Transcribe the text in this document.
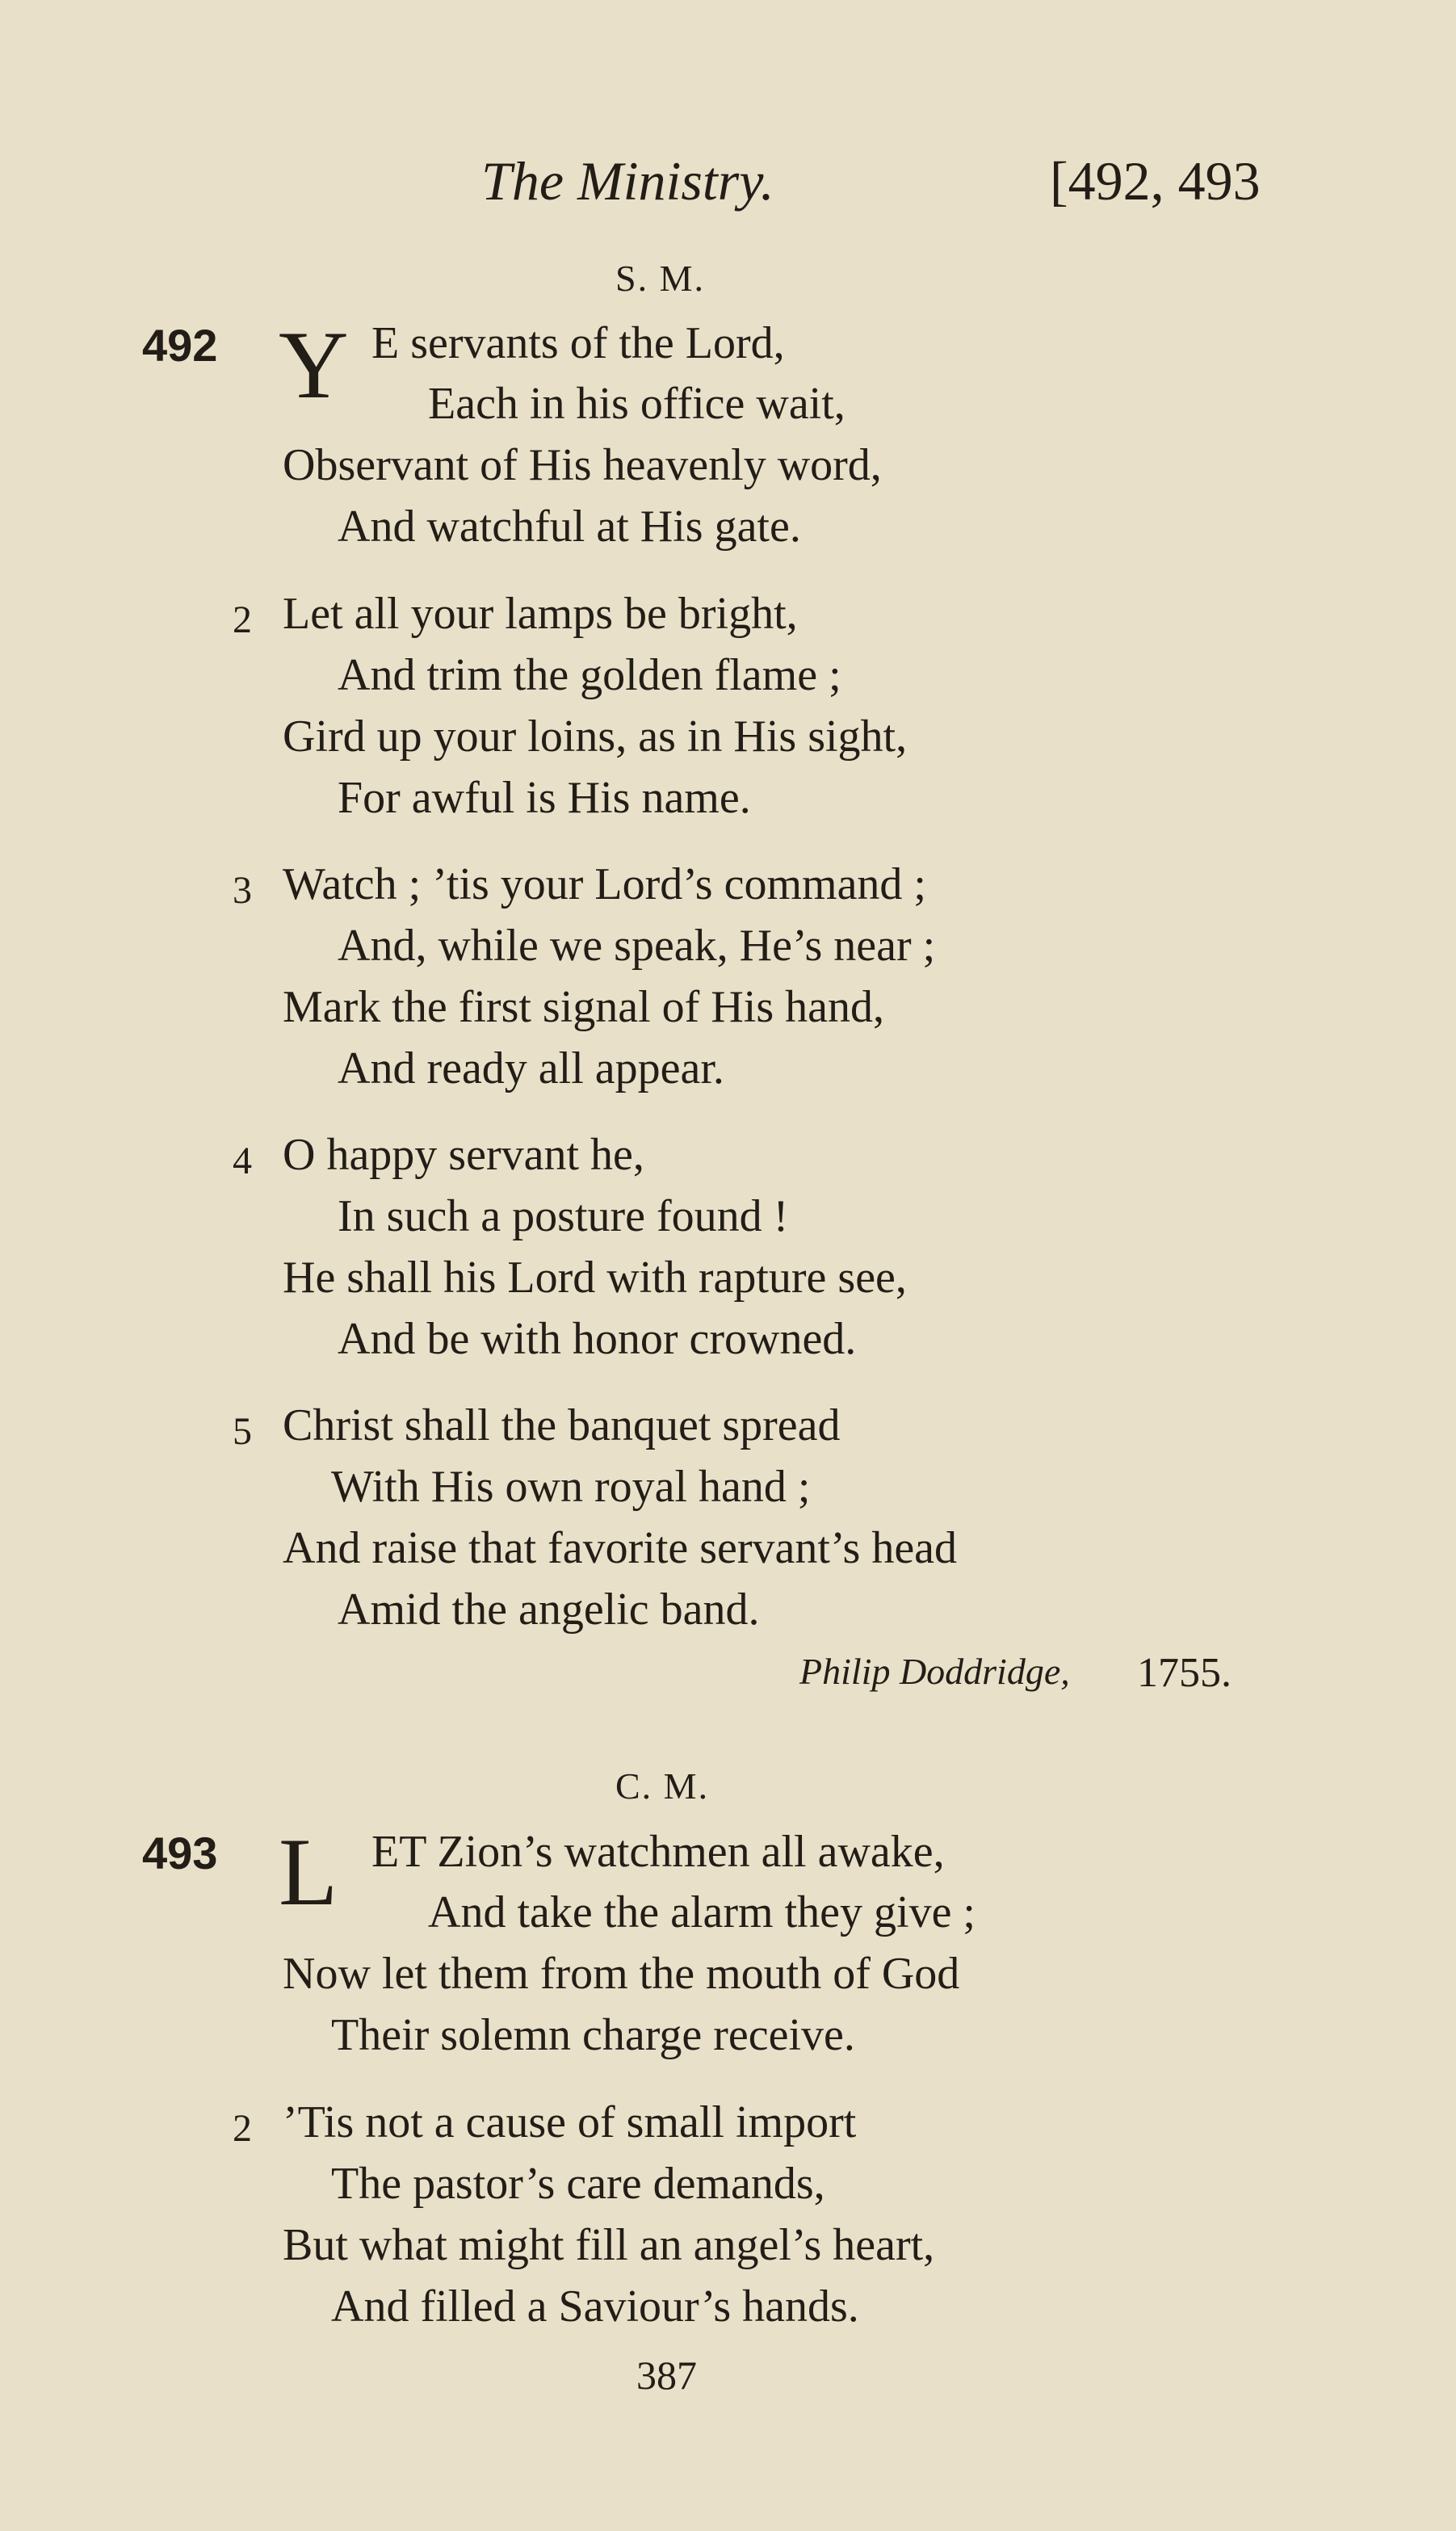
The Ministry.	[492, 493
S. M.
492 Y E servants of the Lord,
Each in his office wait,
Observant of His heavenly word,
And watchful at His gate.
2 Let all your lamps be bright,
And trim the golden flame ;
Gird up your loins, as in His sight,
For awful is His name.
3 Watch ; ’tis your Lord’s command ;
And, while we speak, He’s near ;
Mark the first signal of His hand,
And ready all appear.
4 O happy servant he,
In such a posture found !
He shall his Lord with rapture see,
And be with honor crowned.
5 Christ shall the banquet spread
With His own royal hand ;
And raise that favorite servant’s head
Amid the angelic band.
Philip Doddridge, 1755.
C. M.
493 L ET Zion’s watchmen all awake,
And take the alarm they give ;
Now let them from the mouth of God
Their solemn charge receive.
2 ’Tis not a cause of small import
The pastor’s care demands,
But what might fill an angel’s heart,
And filled a Saviour’s hands.
387
